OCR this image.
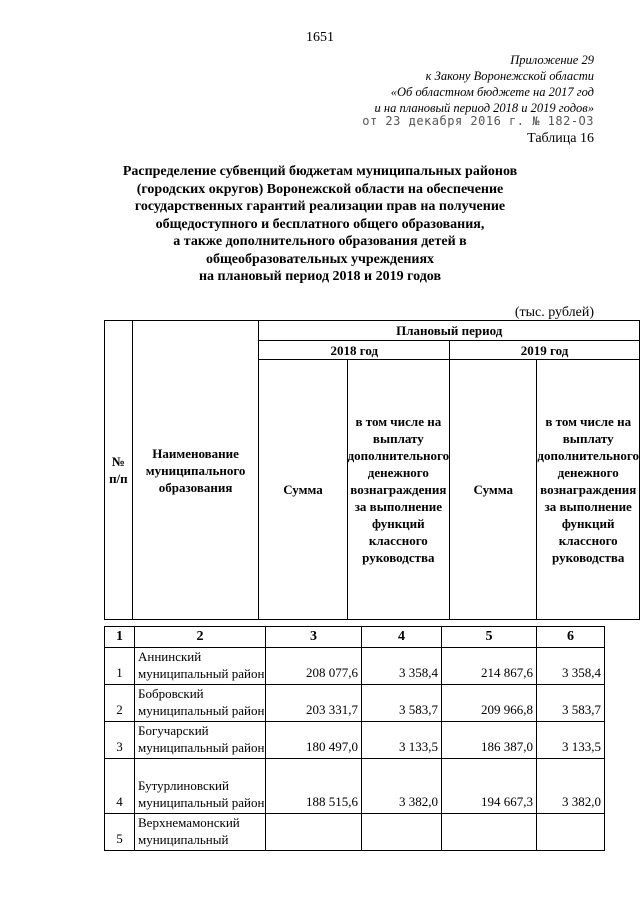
1651
Приложение 29
к Закону Воронежской области
«Об областном бюджете на 2017 год
и на плановый период 2018 и 2019 годов»
от 23 декабря 2016 г. № 182-ОЗ
Таблица 16
Распределение субвенций бюджетам муниципальных районов
(городских округов) Воронежской области на обеспечение
государственных гарантий реализации прав на получение
общедоступного и бесплатного общего образования,
а также дополнительного образования детей в
общеобразовательных учреждениях
на плановый период 2018 и 2019 годов
(тыс. рублей)
№ п/п	Наименование муниципального образования	Плановый период			
		2018 год		2019 год	
		Сумма	в том числе на выплату дополнительного денежного вознаграждения за выполнение функций классного руководства	Сумма	в том числе на выплату дополнительного денежного вознаграждения за выполнение функций классного руководства
1	2	3	4	5	6
1	Аннинский муниципальный район	208 077,6	3 358,4	214 867,6	3 358,4
2	Бобровский муниципальный район	203 331,7	3 583,7	209 966,8	3 583,7
3	Богучарский муниципальный район	180 497,0	3 133,5	186 387,0	3 133,5
4	Бутурлиновский муниципальный район	188 515,6	3 382,0	194 667,3	3 382,0
5	Верхнемамонский муниципальный				
